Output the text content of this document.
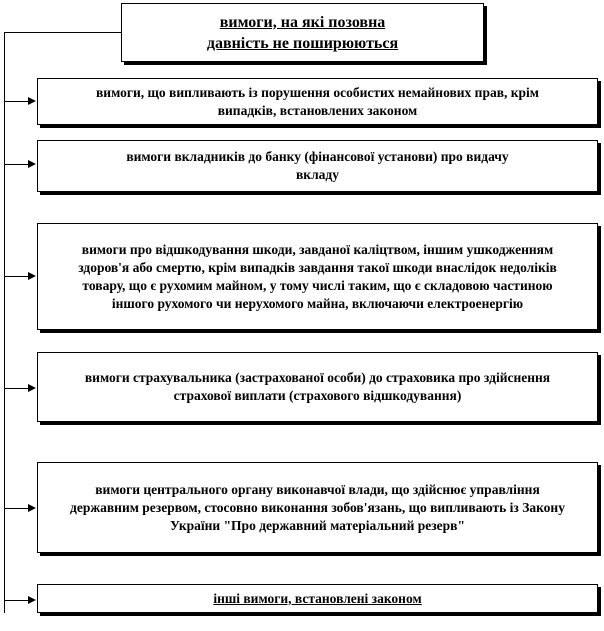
вимоги, на які позовна давність не поширюються
вимоги, що випливають із порушення особистих немайнових прав, крім випадків, встановлених законом
вимоги вкладників до банку (фінансової установи) про видачу вкладу
вимоги про відшкодування шкоди, завданої каліцтвом, іншим ушкодженням здоров'я або смертю, крім випадків завдання такої шкоди внаслідок недоліків товару, що є рухомим майном, у тому числі таким, що є складовою частиною іншого рухомого чи нерухомого майна, включаючи електроенергію
вимоги страхувальника (застрахованої особи) до страховика про здійснення страхової виплати (страхового відшкодування)
вимоги центрального органу виконавчої влади, що здійснює управління державним резервом, стосовно виконання зобов'язань, що випливають із Закону України "Про державний матеріальний резерв"
інші вимоги, встановлені законом
